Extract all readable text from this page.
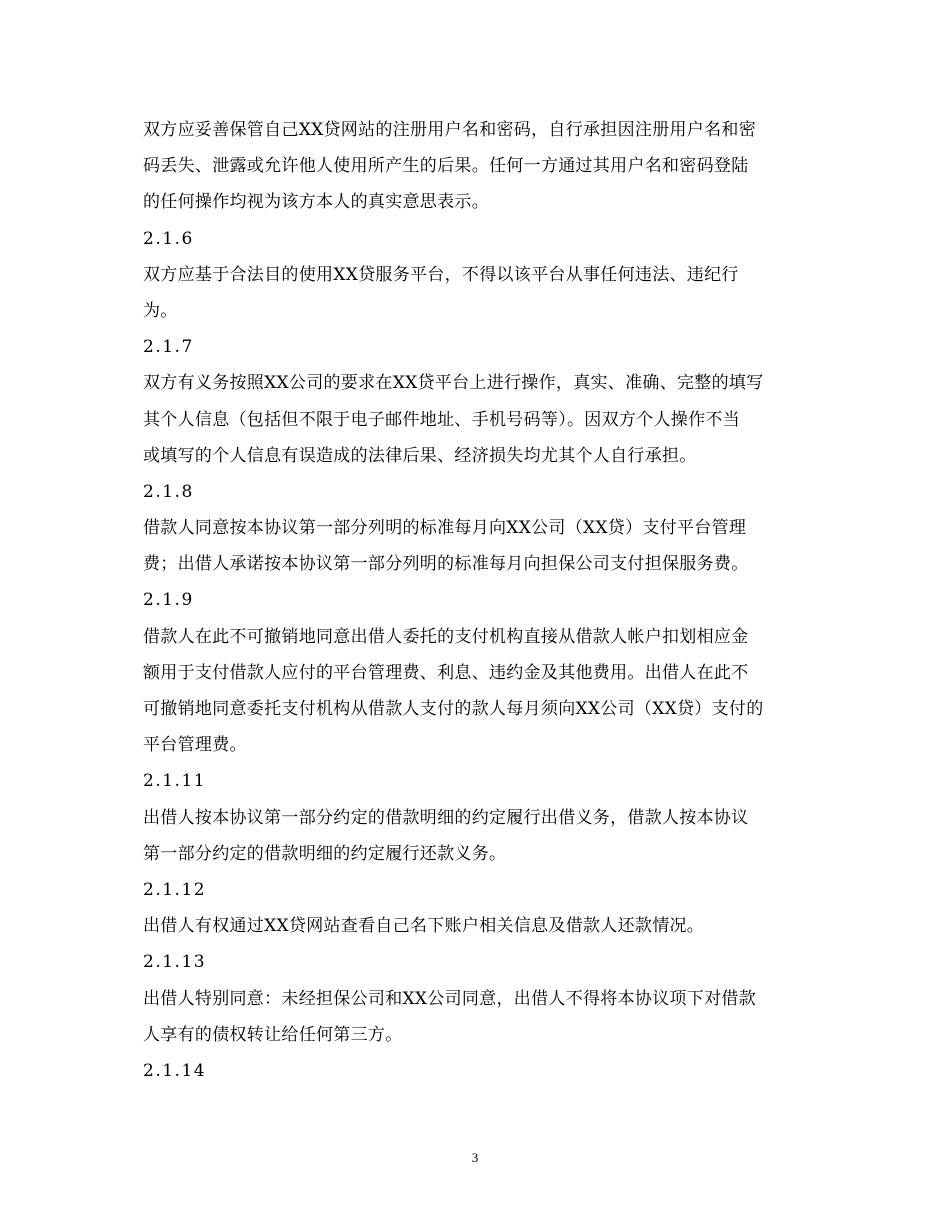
双方应妥善保管自己XX贷网站的注册用户名和密码，自行承担因注册用户名和密
码丢失、泄露或允许他人使用所产生的后果。任何一方通过其用户名和密码登陆
的任何操作均视为该方本人的真实意思表示。
2.1.6
双方应基于合法目的使用XX贷服务平台，不得以该平台从事任何违法、违纪行
为。
2.1.7
双方有义务按照XX公司的要求在XX贷平台上进行操作，真实、准确、完整的填写
其个人信息（包括但不限于电子邮件地址、手机号码等）。因双方个人操作不当
或填写的个人信息有误造成的法律后果、经济损失均尤其个人自行承担。
2.1.8
借款人同意按本协议第一部分列明的标准每月向XX公司（XX贷）支付平台管理
费；出借人承诺按本协议第一部分列明的标准每月向担保公司支付担保服务费。
2.1.9
借款人在此不可撤销地同意出借人委托的支付机构直接从借款人帐户扣划相应金
额用于支付借款人应付的平台管理费、利息、违约金及其他费用。出借人在此不
可撤销地同意委托支付机构从借款人支付的款人每月须向XX公司（XX贷）支付的
平台管理费。
2.1.11
出借人按本协议第一部分约定的借款明细的约定履行出借义务，借款人按本协议
第一部分约定的借款明细的约定履行还款义务。
2.1.12
出借人有权通过XX贷网站查看自己名下账户相关信息及借款人还款情况。
2.1.13
出借人特别同意：未经担保公司和XX公司同意，出借人不得将本协议项下对借款
人享有的债权转让给任何第三方。
2.1.14
3
